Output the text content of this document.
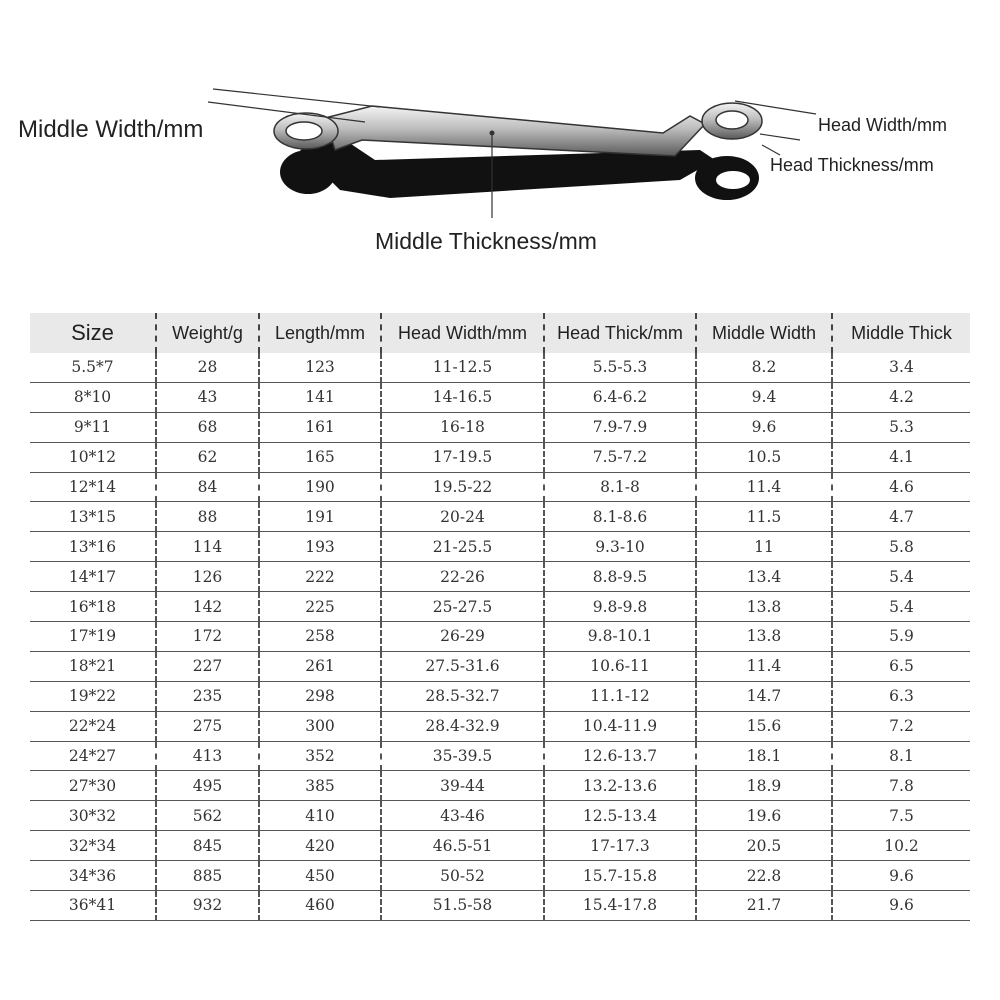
Middle Width/mm	Head Width/mm
Head Thickness/mm
Middle Thickness/mm
Size	Weight/g	Length/mm	Head Width/mm	Head Thick/mm	Middle Width	Middle Thick
5.5*7	28	123	11-12.5	5.5-5.3	8.2	3.4
8*10	43	141	14-16.5	6.4-6.2	9.4	4.2
9*11	68	161	16-18	7.9-7.9	9.6	5.3
10*12	62	165	17-19.5	7.5-7.2	10.5	4.1
12*14	84	190	19.5-22	8.1-8	11.4	4.6
13*15	88	191	20-24	8.1-8.6	11.5	4.7
13*16	114	193	21-25.5	9.3-10	11	5.8
14*17	126	222	22-26	8.8-9.5	13.4	5.4
16*18	142	225	25-27.5	9.8-9.8	13.8	5.4
17*19	172	258	26-29	9.8-10.1	13.8	5.9
18*21	227	261	27.5-31.6	10.6-11	11.4	6.5
19*22	235	298	28.5-32.7	11.1-12	14.7	6.3
22*24	275	300	28.4-32.9	10.4-11.9	15.6	7.2
24*27	413	352	35-39.5	12.6-13.7	18.1	8.1
27*30	495	385	39-44	13.2-13.6	18.9	7.8
30*32	562	410	43-46	12.5-13.4	19.6	7.5
32*34	845	420	46.5-51	17-17.3	20.5	10.2
34*36	885	450	50-52	15.7-15.8	22.8	9.6
36*41	932	460	51.5-58	15.4-17.8	21.7	9.6
